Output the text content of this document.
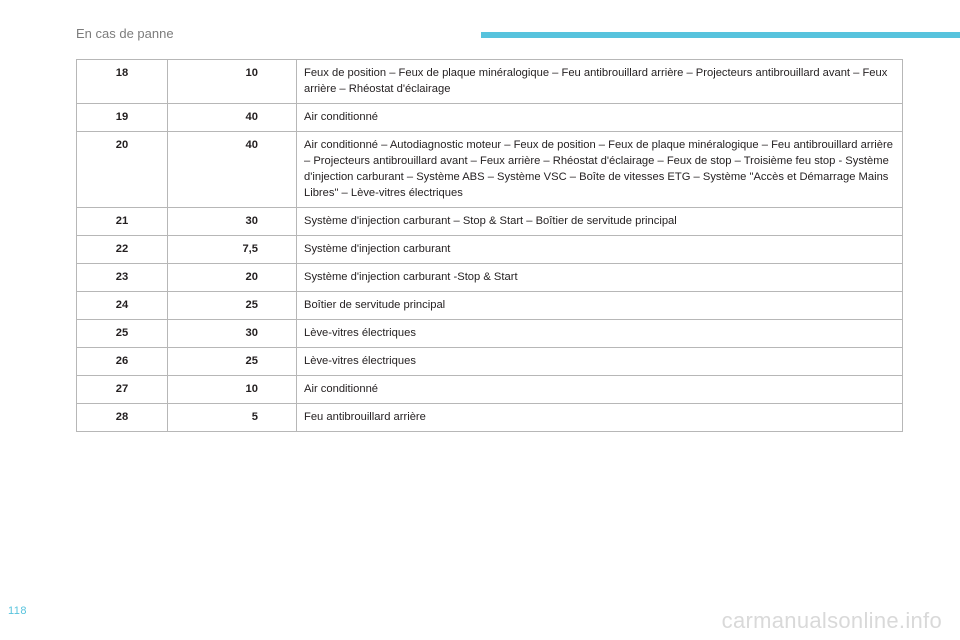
En cas de panne
18	10	Feux de position – Feux de plaque minéralogique – Feu antibrouillard arrière – Projecteurs antibrouillard avant – Feux arrière – Rhéostat d'éclairage
19	40	Air conditionné
20	40	Air conditionné – Autodiagnostic moteur – Feux de position – Feux de plaque minéralogique – Feu antibrouillard arrière – Projecteurs antibrouillard avant – Feux arrière – Rhéostat d'éclairage – Feux de stop – Troisième feu stop - Système d'injection carburant – Système ABS – Système VSC – Boîte de vitesses ETG – Système "Accès et Démarrage Mains Libres" – Lève-vitres électriques
21	30	Système d'injection carburant – Stop & Start – Boîtier de servitude principal
22	7,5	Système d'injection carburant
23	20	Système d'injection carburant -Stop & Start
24	25	Boîtier de servitude principal
25	30	Lève-vitres électriques
26	25	Lève-vitres électriques
27	10	Air conditionné
28	5	Feu antibrouillard arrière
118	carmanualsonline.info
